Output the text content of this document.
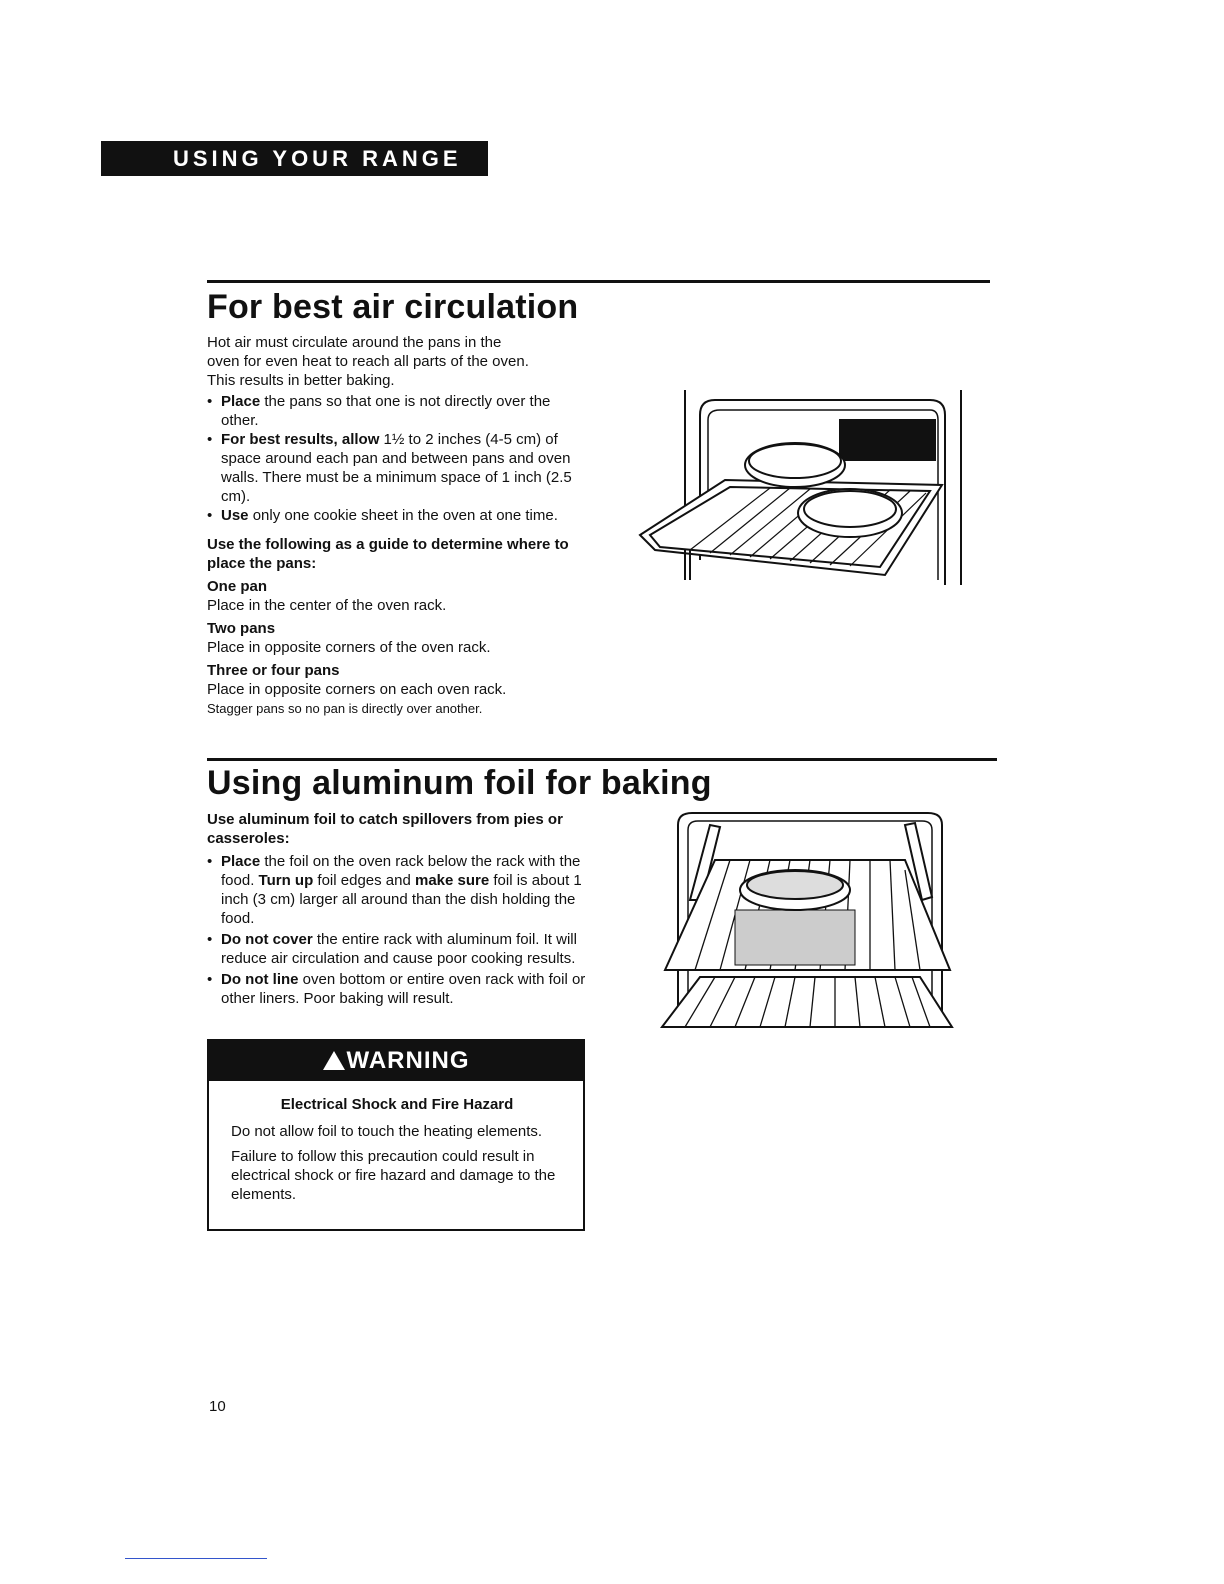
USING YOUR RANGE
For best air circulation

Hot air must circulate around the pans in the

oven for even heat to reach all parts of the oven.

This results in better baking.

• Place the pans so that one is not directly over the other.
• For best results, allow 1½ to 2 inches (4-5 cm) of space around each pan and between pans and oven walls. There must be a minimum space of 1 inch (2.5 cm).
• Use only one cookie sheet in the oven at one time.
Use the following as a guide to determine where to place the pans:
One pan

Place in the center of the oven rack.

Two pans

Place in opposite corners of the oven rack.

Three or four pans

Place in opposite corners on each oven rack.

Stagger pans so no pan is directly over another.

Using aluminum foil for baking
Use aluminum foil to catch spillovers from pies or casseroles:
• Place the foil on the oven rack below the rack with the food. Turn up foil edges and make sure foil is about 1 inch (3 cm) larger all around than the dish holding the food.
• Do not cover the entire rack with aluminum foil. It will reduce air circulation and cause poor cooking results.
• Do not line oven bottom or entire oven rack with foil or other liners. Poor baking will result.
WARNING

Electrical Shock and Fire Hazard

Do not allow foil to touch the heating elements.

Failure to follow this precaution could result in electrical shock or fire hazard and damage to the elements.

10
